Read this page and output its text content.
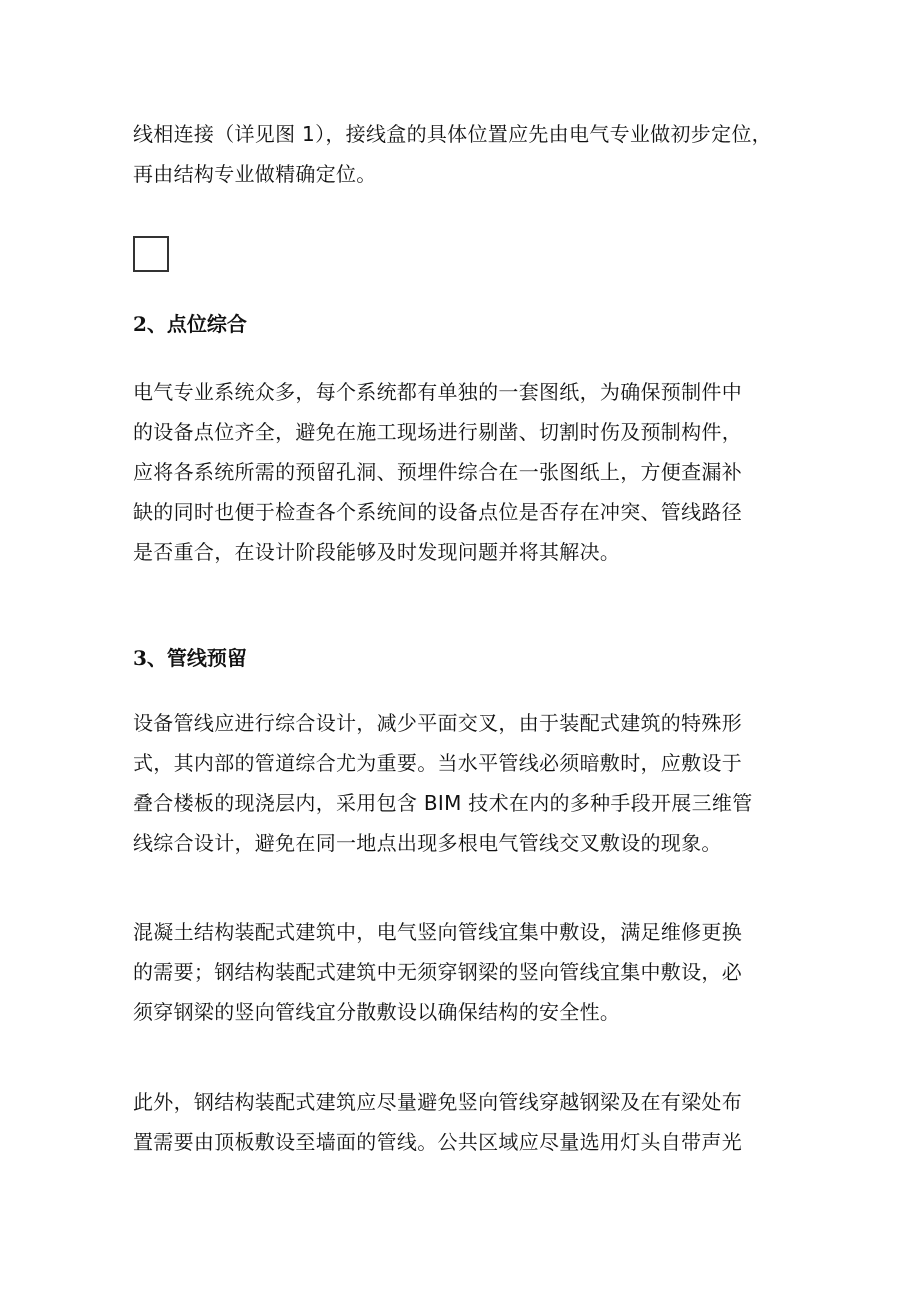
线相连接（详见图 1），接线盒的具体位置应先由电气专业做初步定位，
再由结构专业做精确定位。

2、点位综合

电气专业系统众多，每个系统都有单独的一套图纸，为确保预制件中
的设备点位齐全，避免在施工现场进行剔凿、切割时伤及预制构件，
应将各系统所需的预留孔洞、预埋件综合在一张图纸上，方便查漏补
缺的同时也便于检查各个系统间的设备点位是否存在冲突、管线路径
是否重合，在设计阶段能够及时发现问题并将其解决。

3、管线预留

设备管线应进行综合设计，减少平面交叉，由于装配式建筑的特殊形
式，其内部的管道综合尤为重要。当水平管线必须暗敷时，应敷设于
叠合楼板的现浇层内，采用包含 BIM 技术在内的多种手段开展三维管
线综合设计，避免在同一地点出现多根电气管线交叉敷设的现象。

混凝土结构装配式建筑中，电气竖向管线宜集中敷设，满足维修更换
的需要；钢结构装配式建筑中无须穿钢梁的竖向管线宜集中敷设，必
须穿钢梁的竖向管线宜分散敷设以确保结构的安全性。

此外，钢结构装配式建筑应尽量避免竖向管线穿越钢梁及在有梁处布
置需要由顶板敷设至墙面的管线。公共区域应尽量选用灯头自带声光
